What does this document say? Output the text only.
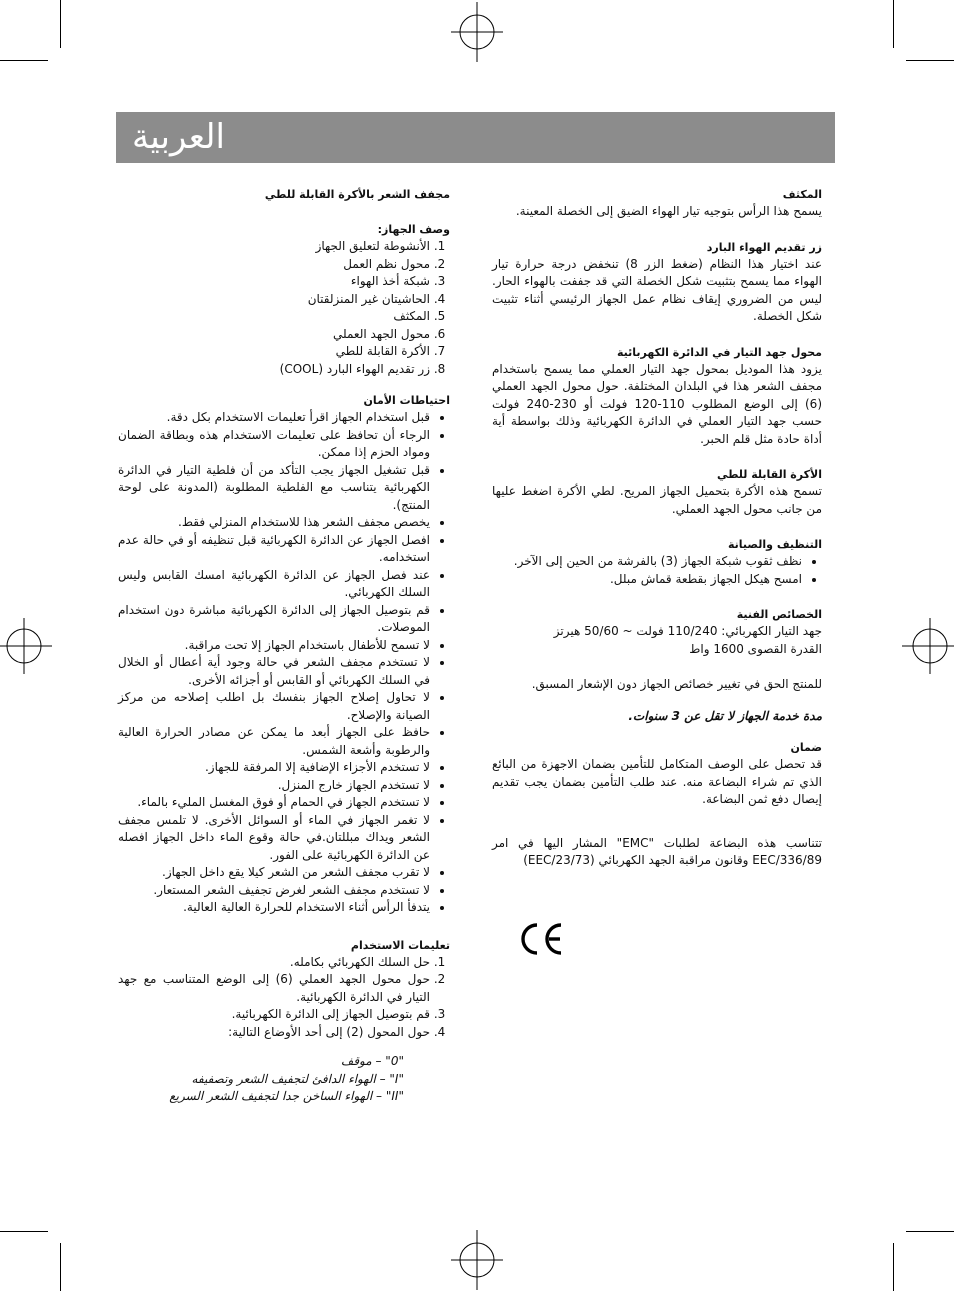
العربية
المكثف

يسمح هذا الرأس بتوجيه تيار الهواء الضيق إلى الخصلة المعينة.

زر تقديم الهواء البارد

عند اختيار هذا النظام (ضغط الزر 8) تنخفض درجة حرارة تيار الهواء مما يسمح بتثبيت شكل الخصلة التي قد جففت بالهواء الحار. ليس من الضروري إيقاف نظام عمل الجهاز الرئيسي أثناء تثبيت شكل الخصلة.

محول جهد التيار في الدائرة الكهربائية

يزود هذا الموديل بمحول جهد التيار العملي مما يسمح باستخدام مجفف الشعر هذا في البلدان المختلفة. حول محول الجهد العملي (6) إلى الوضع المطلوب 110-120 فولت أو 230-240 فولت حسب جهد التيار العملي في الدائرة الكهربائية وذلك بواسطة أية أداة حادة مثل قلم الحبر.

الأكرة القابلة للطي

تسمح هذه الأكرة بتحميل الجهاز المريح. لطي الأكرة اضغط عليها من جانب محول الجهد العملي.

التنظيف والصيانة
• نظف ثقوب شبكة الجهاز (3) بالفرشة من الحين إلى الآخر.
• امسح هيكل الجهاز بقطعة قماش مبلل.
الخصائص الفنية

جهد التيار الكهربائي: 110/240 فولت ~ 50/60 هيرتز

القدرة القصوى 1600 واط

للمنتج الحق في تغيير خصائص الجهاز دون الإشعار المسبق.

مدة خدمة الجهاز لا تقل عن 3 سنوات.

ضمان

قد تحصل على الوصف المتكامل للتأمين بضمان الاجهزة من البائع الذي تم شراء البضاعة منه. عند طلب التأمين بضمان يجب تقديم إيصال دفع ثمن البضاعة.

تتناسب هذه البضاعة لطلبات "EMC" المشار اليها في امر EEC/336/89 وقانون مراقبة الجهد الكهربائي (EEC/23/73)

مجفف الشعر بالأكرة القابلة للطي
وصف الجهاز:
1. الأنشوطة لتعليق الجهاز
2. محول نظم العمل
3. شبكة أخذ الهواء
4. الحاشيتان غير المنزلقتان
5. المكثف
6. محول الجهد العملي
7. الأكرة القابلة للطي
8. زر تقديم الهواء البارد (COOL)
احتياطات الأمان
• قبل استخدام الجهاز اقرأ تعليمات الاستخدام بكل دقة.
• الرجاء أن تحافظ على تعليمات الاستخدام هذه وبطاقة الضمان ومواد الحزم إذا ممكن.
• قبل تشغيل الجهاز يجب التأكد من أن فلطية التيار في الدائرة الكهربائية يتناسب مع الفلطية المطلوبة (المدونة على لوحة المنتج).
• يخصص مجفف الشعر هذا للاستخدام المنزلي فقط.
• افصل الجهاز عن الدائرة الكهربائية قبل تنظيفه أو في حالة عدم استخدامه.
• عند فصل الجهاز عن الدائرة الكهربائية امسك القابس وليس السلك الكهربائي.
• قم بتوصيل الجهاز إلى الدائرة الكهربائية مباشرة دون استخدام الموصلات.
• لا تسمح للأطفال باستخدام الجهاز إلا تحت مراقبة.
• لا تستخدم مجفف الشعر في حالة وجود أية أعطال أو الخلال في السلك الكهربائي أو القابس أو أجزائه الأخرى.
• لا تحاول إصلاح الجهاز بنفسك بل اطلب إصلاحه من مركز الصيانة والإصلاح.
• حافظ على الجهاز أبعد ما يمكن عن مصادر الحرارة العالية والرطوبة وأشعة الشمس.
• لا تستخدم الأجزاء الإضافية إلا المرفقة للجهاز.
• لا تستخدم الجهاز خارج المنزل.
• لا تستخدم الجهاز في الحمام أو فوق المغسل المليء بالماء.
• لا تغمر الجهاز في الماء أو السوائل الأخرى. لا تلمس مجفف الشعر ويداك مبللتان.في حالة وقوع الماء داخل الجهاز افصله عن الدائرة الكهربائية على الفور.
• لا تقرب مجفف الشعر من الشعر كيلا يقع داخل الجهاز.
• لا تستخدم مجفف الشعر لغرض تجفيف الشعر المستعار.
• يتدفأ الرأس أثناء الاستخدام للحرارة العالية العالية.
تعليمات الاستخدام
1. حل السلك الكهربائي بكامله.
2. حول محول الجهد العملي (6) إلى الوضع المتناسب مع جهد التيار في الدائرة الكهربائية.
3. قم بتوصيل الجهاز إلى الدائرة الكهربائية.
4. حول المحول (2) إلى أحد الأوضاع التالية:

"0" – موقف

"I" – الهواء الدافئ لتجفيف الشعر وتصفيفه

"II" – الهواء الساخن جدا لتجفيف الشعر السريع
